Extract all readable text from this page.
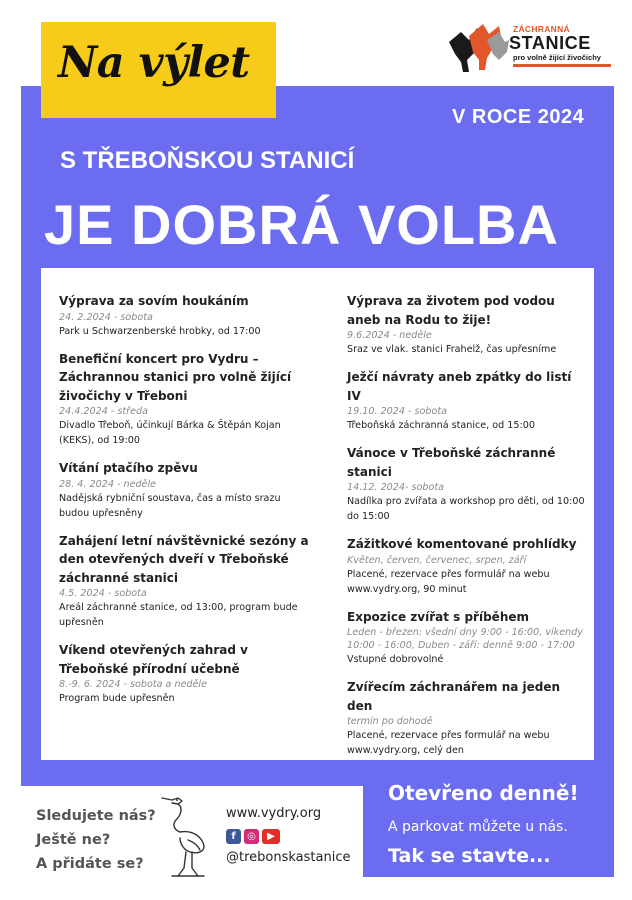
Na výlet
ZÁCHRANNÁ
STANICE
pro volně žijící živočichy
V ROCE 2024
S TŘEBOŇSKOU STANICÍ
JE DOBRÁ VOLBA
Výprava za sovím houkáním
24. 2.2024 - sobota
Park u Schwarzenberské hrobky, od 17:00
Benefiční koncert pro Vydru – Záchrannou stanici pro volně žijící živočichy v Třeboni
24.4.2024 - středa
Divadlo Třeboň, účinkují Bárka & Štěpán Kojan (KEKS), od 19:00
Vítání ptačího zpěvu
28. 4. 2024 - neděle
Nadějská rybniční soustava, čas a místo srazu budou upřesněny
Zahájení letní návštěvnické sezóny a den otevřených dveří v Třeboňské záchranné stanici
4.5. 2024 - sobota
Areál záchranné stanice, od 13:00, program bude upřesněn
Víkend otevřených zahrad v Třeboňské přírodní učebně
8.-9. 6. 2024 - sobota a neděle
Program bude upřesněn
Výprava za životem pod vodou aneb na Rodu to žije!
9.6.2024 - neděle
Sraz ve vlak. stanici Frahelž, čas upřesníme
Ježčí návraty aneb zpátky do listí IV
19.10. 2024 - sobota
Třeboňská záchranná stanice, od 15:00
Vánoce v Třeboňské záchranné stanici
14.12. 2024- sobota
Nadílka pro zvířata a workshop pro děti, od 10:00 do 15:00
Zážitkové komentované prohlídky
Květen, červen, červenec, srpen, září
Placené, rezervace přes formulář na webu www.vydry.org, 90 minut
Expozice zvířat s příběhem
Leden - březen: všední dny 9:00 - 16:00, víkendy 10:00 - 16:00, Duben - září: denně 9:00 - 17:00
Vstupné dobrovolné
Zvířecím záchranářem na jeden den
termín po dohodě
Placené, rezervace přes formulář na webu www.vydry.org, celý den
Sledujete nás?
Ještě ne?
A přidáte se?
www.vydry.org
f	◎	▶
@trebonskastanice
Otevřeno denně!
A parkovat můžete u nás.
Tak se stavte...
